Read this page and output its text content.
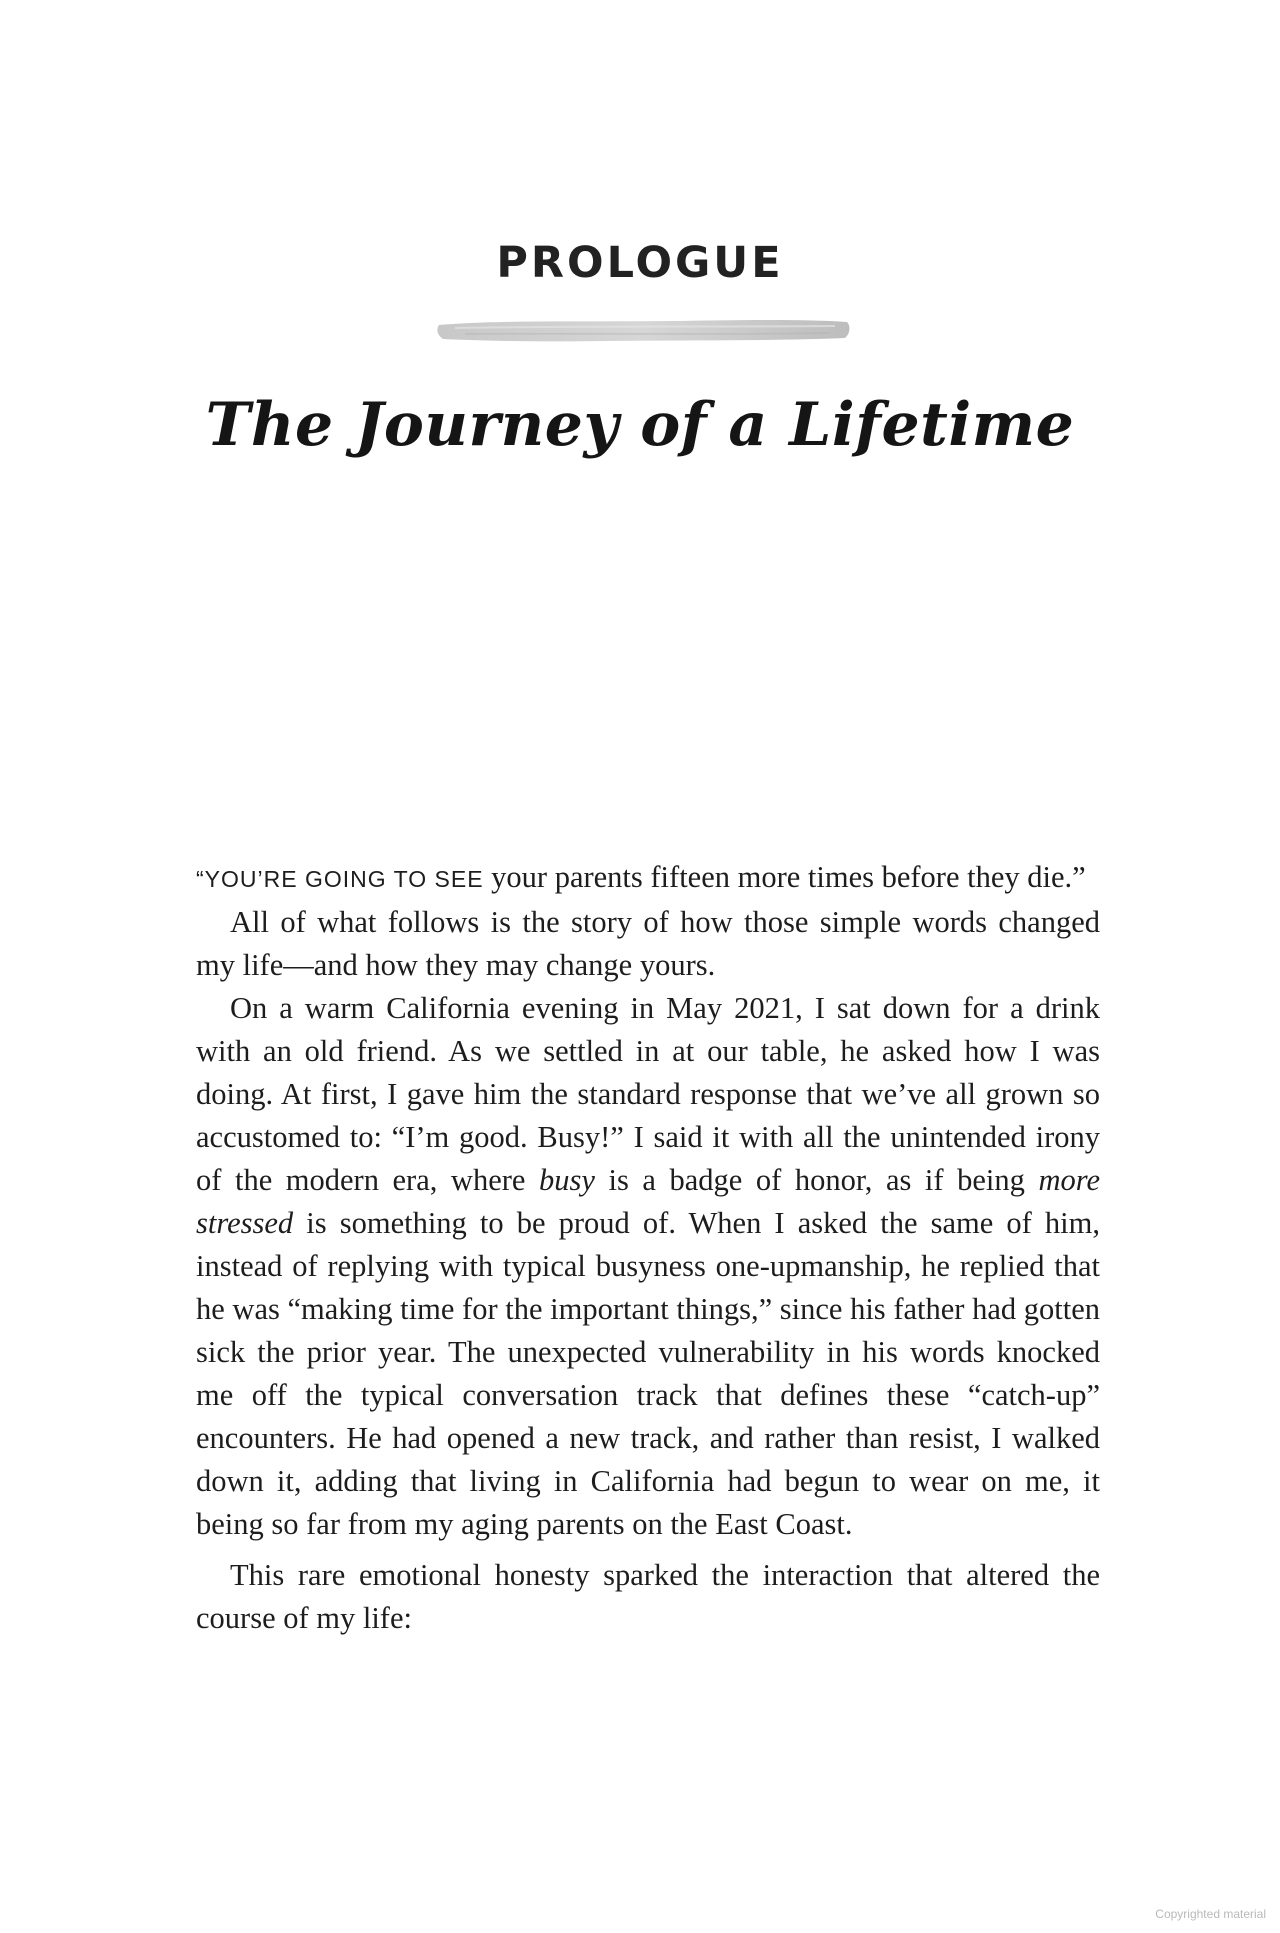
PROLOGUE
The Journey of a Lifetime

“YOU’RE GOING TO SEE your parents fifteen more times before they die.”

All of what follows is the story of how those simple words changed my life—and how they may change yours.

On a warm California evening in May 2021, I sat down for a drink with an old friend. As we settled in at our table, he asked how I was doing. At first, I gave him the standard response that we’ve all grown so accustomed to: “I’m good. Busy!” I said it with all the unintended irony of the modern era, where busy is a badge of honor, as if being more stressed is something to be proud of. When I asked the same of him, instead of replying with typical busyness one-upmanship, he replied that he was “making time for the important things,” since his father had gotten sick the prior year. The unexpected vulnerability in his words knocked me off the typical conversation track that defines these “catch-up” encounters. He had opened a new track, and rather than resist, I walked down it, adding that living in California had begun to wear on me, it being so far from my aging parents on the East Coast.

This rare emotional honesty sparked the interaction that altered the course of my life:

Copyrighted material
